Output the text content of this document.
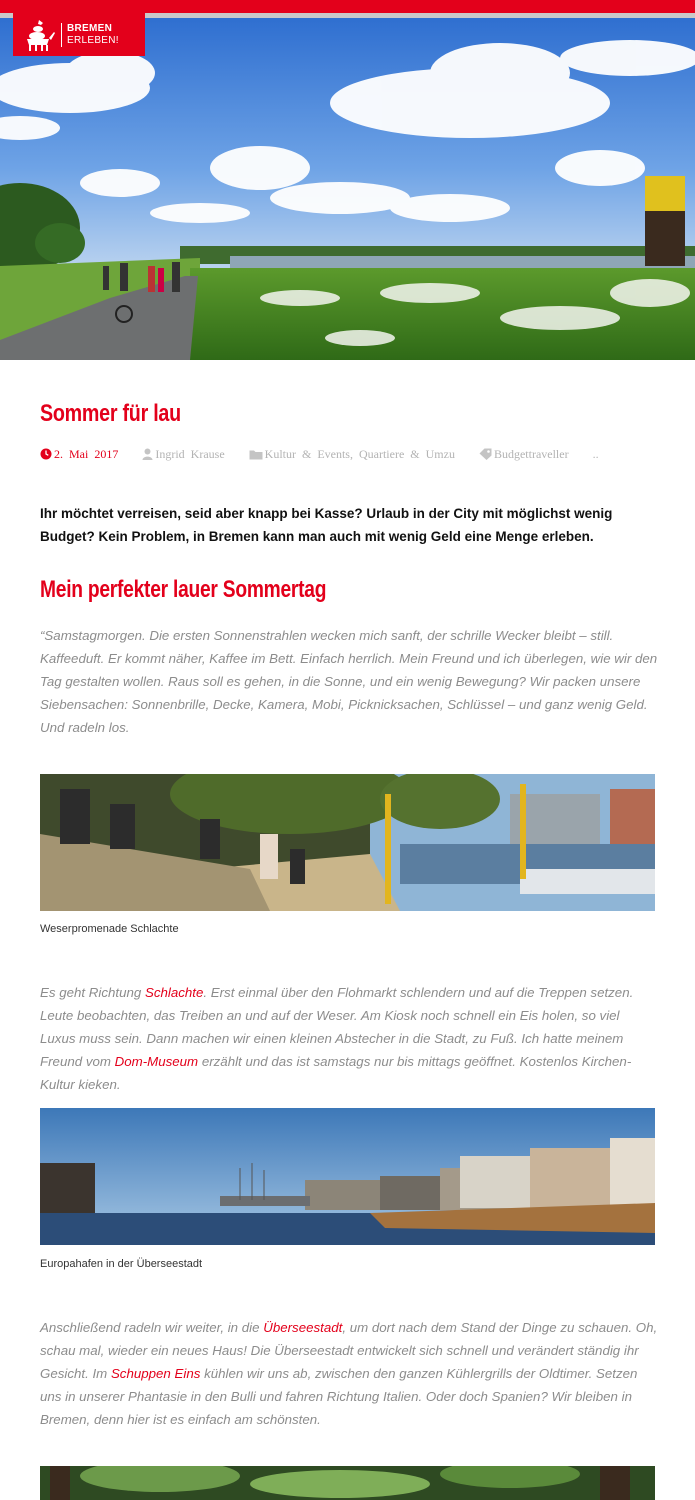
BREMEN
ERLEBEN!
Sommer für lau
2. Mai 2017	Ingrid Krause	Kultur & Events, Quartiere & Umzu	Budgettraveller ..

Ihr möchtet verreisen, seid aber knapp bei Kasse? Urlaub in der City mit möglichst wenig Budget? Kein Problem, in Bremen kann man auch mit wenig Geld eine Menge erleben.

Mein perfekter lauer Sommertag

“Samstagmorgen. Die ersten Sonnenstrahlen wecken mich sanft, der schrille Wecker bleibt – still. Kaffeeduft. Er kommt näher, Kaffee im Bett. Einfach herrlich. Mein Freund und ich überlegen, wie wir den Tag gestalten wollen. Raus soll es gehen, in die Sonne, und ein wenig Bewegung? Wir packen unsere Siebensachen: Sonnenbrille, Decke, Kamera, Mobi, Picknicksachen, Schlüssel – und ganz wenig Geld. Und radeln los.

Weserpromenade Schlachte

Es geht Richtung Schlachte. Erst einmal über den Flohmarkt schlendern und auf die Treppen setzen. Leute beobachten, das Treiben an und auf der Weser. Am Kiosk noch schnell ein Eis holen, so viel Luxus muss sein. Dann machen wir einen kleinen Abstecher in die Stadt, zu Fuß. Ich hatte meinem Freund vom Dom-Museum erzählt und das ist samstags nur bis mittags geöffnet. Kostenlos Kirchen-Kultur kieken.

Europahafen in der Überseestadt

Anschließend radeln wir weiter, in die Überseestadt, um dort nach dem Stand der Dinge zu schauen. Oh, schau mal, wieder ein neues Haus! Die Überseestadt entwickelt sich schnell und verändert ständig ihr Gesicht. Im Schuppen Eins kühlen wir uns ab, zwischen den ganzen Kühlergrills der Oldtimer. Setzen uns in unserer Phantasie in den Bulli und fahren Richtung Italien. Oder doch Spanien? Wir bleiben in Bremen, denn hier ist es einfach am schönsten.
